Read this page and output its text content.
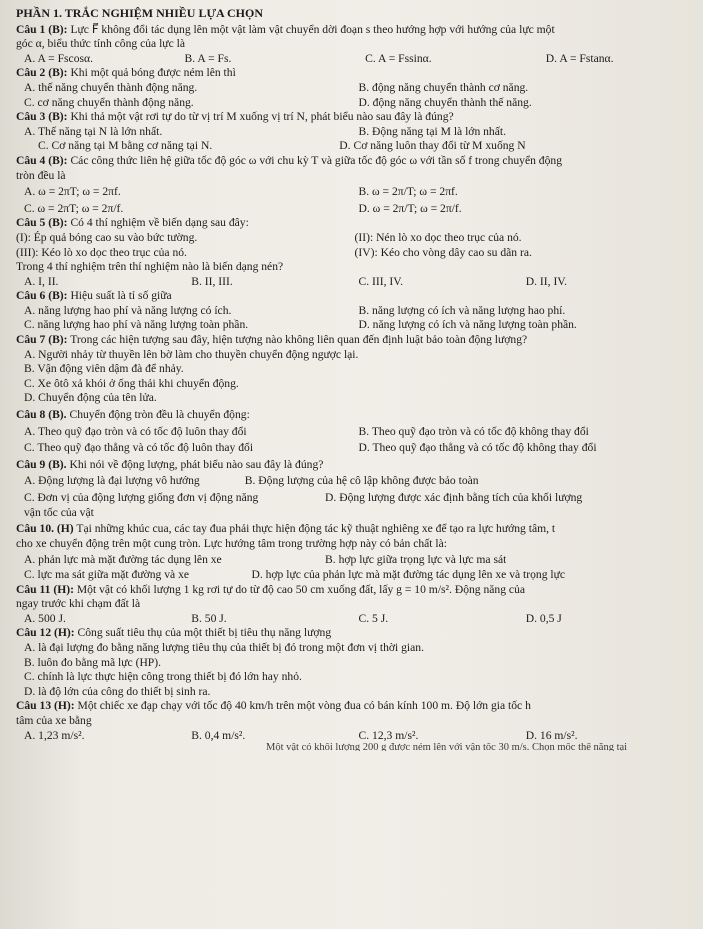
PHẦN 1. TRẮC NGHIỆM NHIỀU LỰA CHỌN
Câu 1 (B): Lực F⃗ không đổi tác dụng lên một vật làm vật chuyển dời đoạn s theo hướng hợp với hướng của lực một
góc α, biểu thức tính công của lực là
A. A = Fscosα.	B. A = Fs.	C. A = Fssinα.	D. A = Fstanα.
Câu 2 (B): Khi một quả bóng được ném lên thì
A. thế năng chuyển thành động năng.	B. động năng chuyển thành cơ năng.
C. cơ năng chuyển thành động năng.	D. động năng chuyển thành thế năng.
Câu 3 (B): Khi thả một vật rơi tự do từ vị trí M xuống vị trí N, phát biểu nào sau đây là đúng?
A. Thế năng tại N là lớn nhất.	B. Động năng tại M là lớn nhất.
C. Cơ năng tại M bằng cơ năng tại N.	D. Cơ năng luôn thay đổi từ M xuống N
Câu 4 (B): Các công thức liên hệ giữa tốc độ góc ω với chu kỳ T và giữa tốc độ góc ω với tần số f trong chuyển động
tròn đều là
A. ω = 2πT; ω = 2πf.	B. ω = 2π/T; ω = 2πf.
C. ω = 2πT; ω = 2π/f.	D. ω = 2π/T; ω = 2π/f.
Câu 5 (B): Có 4 thí nghiệm về biến dạng sau đây:
(I): Ép quả bóng cao su vào bức tường.	(II): Nén lò xo dọc theo trục của nó.
(III): Kéo lò xo dọc theo trục của nó.	(IV): Kéo cho vòng dây cao su dãn ra.
Trong 4 thí nghiệm trên thí nghiệm nào là biến dạng nén?
A. I, II.	B. II, III.	C. III, IV.	D. II, IV.
Câu 6 (B): Hiệu suất là tỉ số giữa
A. năng lượng hao phí và năng lượng có ích.	B. năng lượng có ích và năng lượng hao phí.
C. năng lượng hao phí và năng lượng toàn phần.	D. năng lượng có ích và năng lượng toàn phần.
Câu 7 (B): Trong các hiện tượng sau đây, hiện tượng nào không liên quan đến định luật bảo toàn động lượng?
A. Người nhảy từ thuyền lên bờ làm cho thuyền chuyển động ngược lại.
B. Vận động viên dậm đà để nhảy.
C. Xe ôtô xả khói ở ống thải khi chuyển động.
D. Chuyển động của tên lửa.
Câu 8 (B). Chuyển động tròn đều là chuyển động:
A. Theo quỹ đạo tròn và có tốc độ luôn thay đổi	B. Theo quỹ đạo tròn và có tốc độ không thay đổi
C. Theo quỹ đạo thẳng và có tốc độ luôn thay đổi	D. Theo quỹ đạo thẳng và có tốc độ không thay đổi
Câu 9 (B). Khi nói về động lượng, phát biểu nào sau đây là đúng?
A. Động lượng là đại lượng vô hướng	B. Động lượng của hệ cô lập không được bảo toàn
C. Đơn vị của động lượng giống đơn vị động năng	D. Động lượng được xác định bằng tích của khối lượng
vận tốc của vật
Câu 10. (H) Tại những khúc cua, các tay đua phải thực hiện động tác kỹ thuật nghiêng xe để tạo ra lực hướng tâm, t
cho xe chuyển động trên một cung tròn. Lực hướng tâm trong trường hợp này có bản chất là:
A. phản lực mà mặt đường tác dụng lên xe	B. hợp lực giữa trọng lực và lực ma sát
C. lực ma sát giữa mặt đường và xe	D. hợp lực của phản lực mà mặt đường tác dụng lên xe và trọng lực
Câu 11 (H): Một vật có khối lượng 1 kg rơi tự do từ độ cao 50 cm xuống đất, lấy g = 10 m/s². Động năng của
ngay trước khi chạm đất là
A. 500 J.	B. 50 J.	C. 5 J.	D. 0,5 J
Câu 12 (H): Công suất tiêu thụ của một thiết bị tiêu thụ năng lượng
A. là đại lượng đo bằng năng lượng tiêu thụ của thiết bị đó trong một đơn vị thời gian.
B. luôn đo bằng mã lực (HP).
C. chính là lực thực hiện công trong thiết bị đó lớn hay nhỏ.
D. là độ lớn của công do thiết bị sinh ra.
Câu 13 (H): Một chiếc xe đạp chạy với tốc độ 40 km/h trên một vòng đua có bán kính 100 m. Độ lớn gia tốc h
tâm của xe bằng
A. 1,23 m/s².	B. 0,4 m/s².	C. 12,3 m/s².	D. 16 m/s².
Một vật có khối lượng 200 g được ném lên với vận tốc 30 m/s. Chọn mốc thế năng tại
